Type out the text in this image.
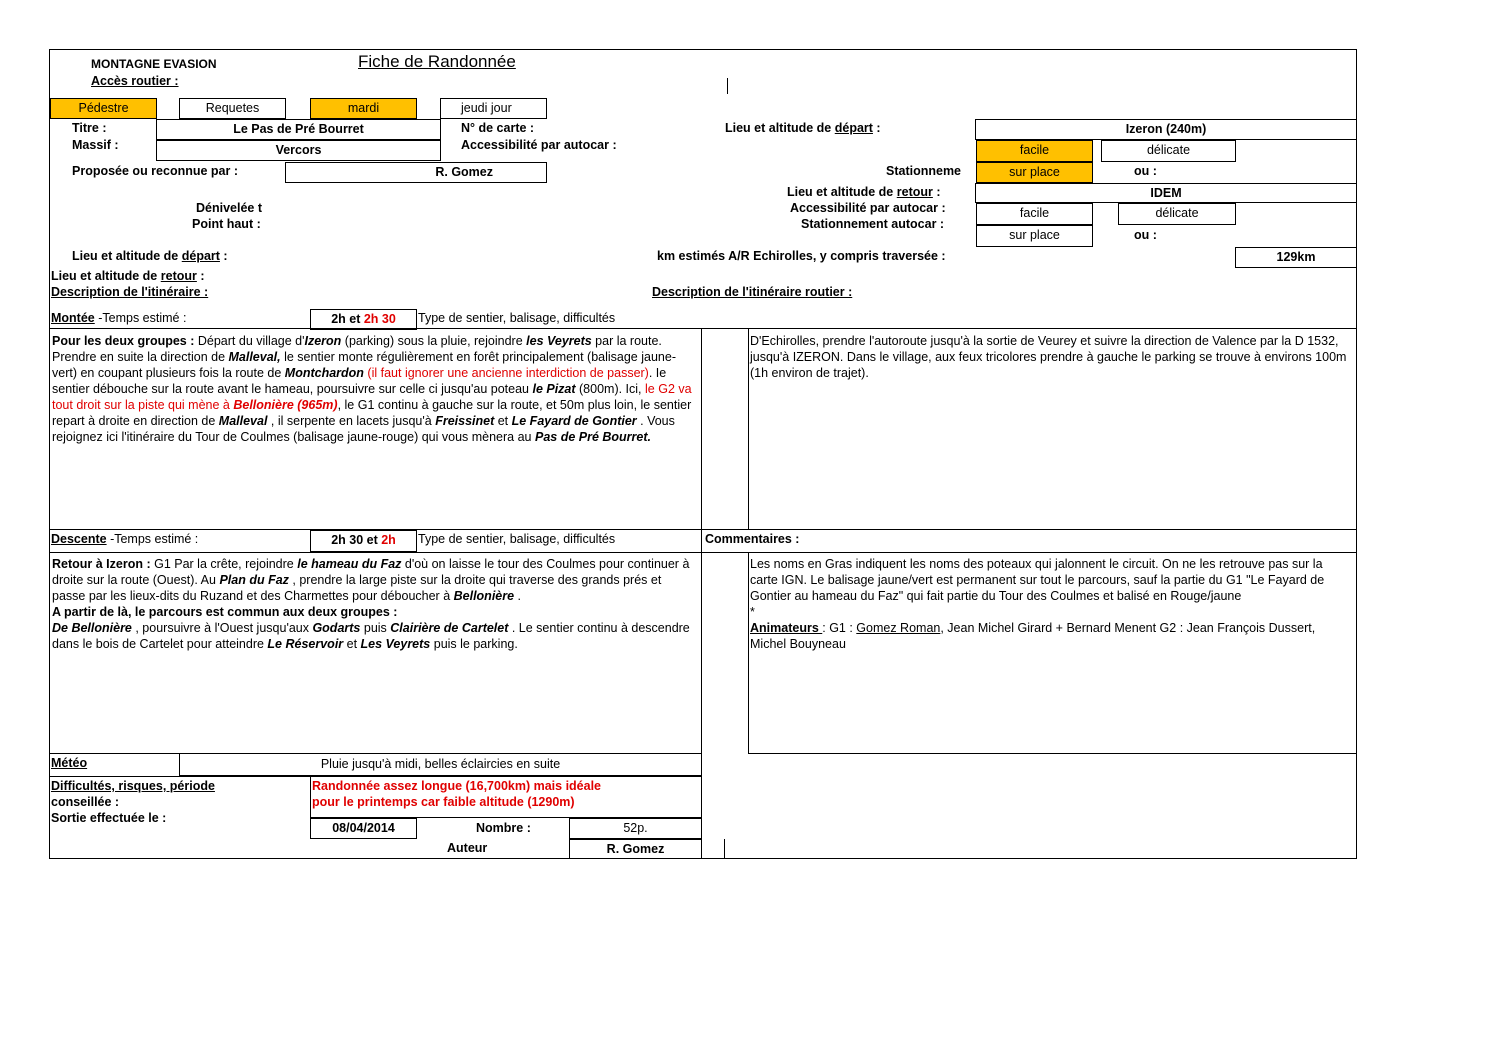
MONTAGNE EVASION	Fiche de Randonnée
Accès routier :
Pédestre	Requetes	mardi	jeudi jour
Titre :	Le Pas de Pré Bourret
Massif :	Vercors
N° de carte :
Accessibilité par autocar :
Proposée ou reconnue par :	R. Gomez
Dénivelée t
Point haut :
Lieu et altitude de départ :
Lieu et altitude de retour :
Description de l'itinéraire :
Lieu et altitude de départ :	Izeron (240m)
facile	délicate
Stationneme	sur place	ou :
Lieu et altitude de retour :	IDEM
Accessibilité par autocar :
Stationnement autocar :
facile	délicate
sur place	ou :
km estimés A/R Echirolles, y compris traversée :	129km
Description de l'itinéraire routier :
Montée -Temps estimé :	2h et 2h 30	Type de sentier, balisage, difficultés
Pour les deux groupes : Départ du village d'Izeron (parking) sous la pluie, rejoindre les Veyrets par la route. Prendre en suite la direction de Malleval, le sentier monte régulièrement en forêt principalement (balisage jaune-vert) en coupant plusieurs fois la route de Montchardon (il faut ignorer une ancienne interdiction de passer). Ie sentier débouche sur la route avant le hameau, poursuivre sur celle ci jusqu'au poteau le Pizat (800m). Ici, le G2 va tout droit sur la piste qui mène à Bellonière (965m), le G1 continu à gauche sur la route, et 50m plus loin, le sentier repart à droite en direction de Malleval , il serpente en lacets jusqu'à Freissinet et Le Fayard de Gontier . Vous rejoignez ici l'itinéraire du Tour de Coulmes (balisage jaune-rouge) qui vous mènera au Pas de Pré Bourret.
D'Echirolles, prendre l'autoroute jusqu'à la sortie de Veurey et suivre la direction de Valence par la D 1532, jusqu'à IZERON. Dans le village, aux feux tricolores prendre à gauche le parking se trouve à environs 100m (1h environ de trajet).
Descente -Temps estimé :	2h 30 et 2h	Type de sentier, balisage, difficultés	Commentaires :
Retour à Izeron : G1 Par la crête, rejoindre le hameau du Faz d'où on laisse le tour des Coulmes pour continuer à droite sur la route (Ouest). Au Plan du Faz , prendre la large piste sur la droite qui traverse des grands prés et passe par les lieux-dits du Ruzand et des Charmettes pour déboucher à Bellonière .
A partir de là, le parcours est commun aux deux groupes :
De Bellonière , poursuivre à l'Ouest jusqu'aux Godarts puis Clairière de Cartelet . Le sentier continu à descendre dans le bois de Cartelet pour atteindre Le Réservoir et Les Veyrets puis le parking.
Les noms en Gras indiquent les noms des poteaux qui jalonnent le circuit. On ne les retrouve pas sur la carte IGN. Le balisage jaune/vert est permanent sur tout le parcours, sauf la partie du G1 "Le Fayard de Gontier au hameau du Faz" qui fait partie du Tour des Coulmes et balisé en Rouge/jaune
*
Animateurs : G1 : Gomez Roman, Jean Michel Girard + Bernard Menent G2 : Jean François Dussert, Michel Bouyneau
Météo	Pluie jusqu'à midi, belles éclaircies en suite
Difficultés, risques, période
conseillée :
Randonnée assez longue (16,700km) mais idéale
pour le printemps car faible altitude (1290m)
Sortie effectuée le :
08/04/2014	Nombre :	52p.
Auteur	R. Gomez
